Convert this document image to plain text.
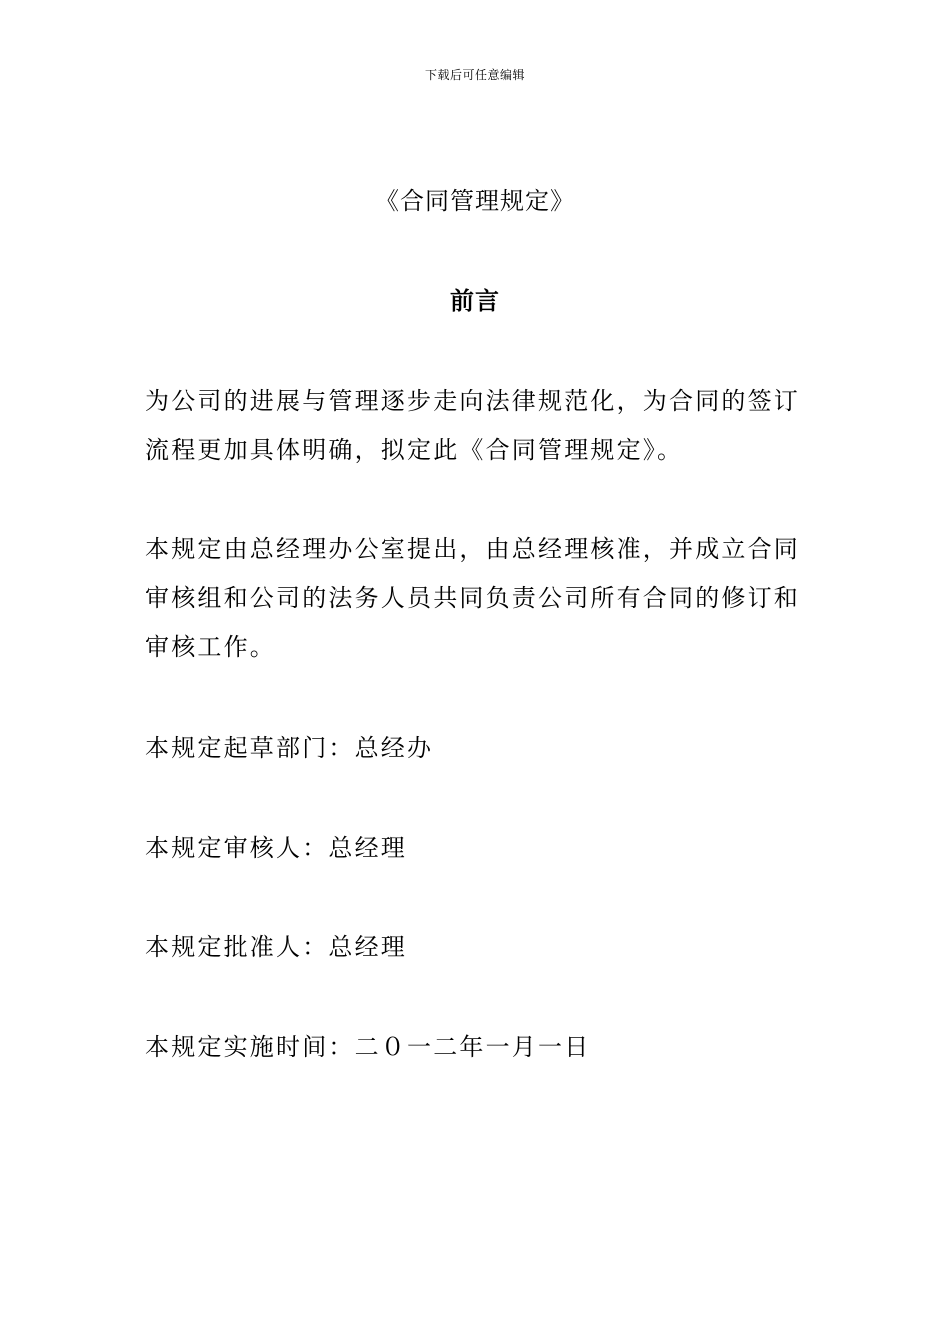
下载后可任意编辑
《合同管理规定》
前言

为公司的进展与管理逐步走向法律规范化，为合同的签订
流程更加具体明确，拟定此《合同管理规定》。

本规定由总经理办公室提出，由总经理核准，并成立合同
审核组和公司的法务人员共同负责公司所有合同的修订和
审核工作。

本规定起草部门：总经办
本规定审核人：总经理
本规定批准人：总经理
本规定实施时间：二０一二年一月一日
